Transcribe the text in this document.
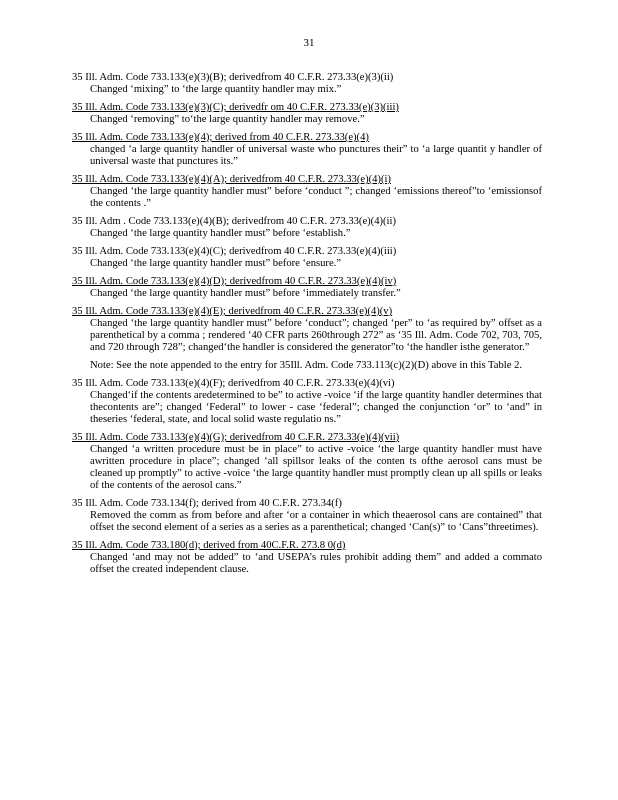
31
35 Ill. Adm. Code 733.133(e)(3)(B); derivedfrom 40 C.F.R. 273.33(e)(3)(ii)
Changed ‘mixing” to ‘the large quantity handler may mix.”
35 Ill. Adm. Code 733.133(e)(3)(C); derivedfr om 40 C.F.R. 273.33(e)(3)(iii)
Changed ‘removing” to‘the large quantity handler may remove.”
35 Ill. Adm. Code 733.133(e)(4); derived from 40 C.F.R. 273.33(e)(4)
changed ‘a large quantity handler of universal waste who punctures their” to ‘a large quantit y handler of universal waste that punctures its.”
35 Ill. Adm. Code 733.133(e)(4)(A); derivedfrom 40 C.F.R. 273.33(e)(4)(i)
Changed ‘the large quantity handler must” before ‘conduct ”; changed ‘emissions thereof”to ‘emissionsof the contents .”
35 Ill. Adm . Code 733.133(e)(4)(B); derivedfrom 40 C.F.R. 273.33(e)(4)(ii)
Changed ‘the large quantity handler must” before ‘establish.”
35 Ill. Adm. Code 733.133(e)(4)(C); derivedfrom 40 C.F.R. 273.33(e)(4)(iii)
Changed ‘the large quantity handler must” before ‘ensure.”
35 Ill. Adm. Code 733.133(e)(4)(D); derivedfrom 40 C.F.R. 273.33(e)(4)(iv)
Changed ‘the large quantity handler must” before ‘immediately transfer.”
35 Ill. Adm. Code 733.133(e)(4)(E); derivedfrom 40 C.F.R. 273.33(e)(4)(v)
Changed ‘the large quantity handler must” before ‘conduct”; changed ‘per” to ‘as required by” offset as a parenthetical by a comma ; rendered ‘40 CFR parts 260through 272” as ‘35 Ill. Adm. Code 702, 703, 705, and 720 through 728”; changed‘the handler is considered the generator”to ‘the handler isthe generator.”
Note: See the note appended to the entry for 35Ill. Adm. Code 733.113(c)(2)(D) above in this Table 2.
35 Ill. Adm. Code 733.133(e)(4)(F); derivedfrom 40 C.F.R. 273.33(e)(4)(vi)
Changed‘if the contents aredetermined to be” to active -voice ‘if the large quantity handler determines that thecontents are”; changed ‘Federal” to lower - case ‘federal”; changed the conjunction ‘or” to ‘and” in theseries ‘federal, state, and local solid waste regulatio ns.”
35 Ill. Adm. Code 733.133(e)(4)(G); derivedfrom 40 C.F.R. 273.33(e)(4)(vii)
Changed ‘a written procedure must be in place” to active -voice ‘the large quantity handler must have awritten procedure in place”; changed ‘all spillsor leaks of the conten ts ofthe aerosol cans must be cleaned up promptly” to active -voice ‘the large quantity handler must promptly clean up all spills or leaks of the contents of the aerosol cans.”
35 Ill. Adm. Code 733.134(f); derived from 40 C.F.R. 273.34(f)
Removed the comm as from before and after ‘or a container in which theaerosol cans are contained” that offset the second element of a series as a series as a parenthetical; changed ‘Can(s)” to ‘Cans”threetimes).
35 Ill. Adm. Code 733.180(d); derived from 40C.F.R. 273.8 0(d)
Changed ‘and may not be added” to ‘and USEPA’s rules prohibit adding them” and added a commato offset the created independent clause.
